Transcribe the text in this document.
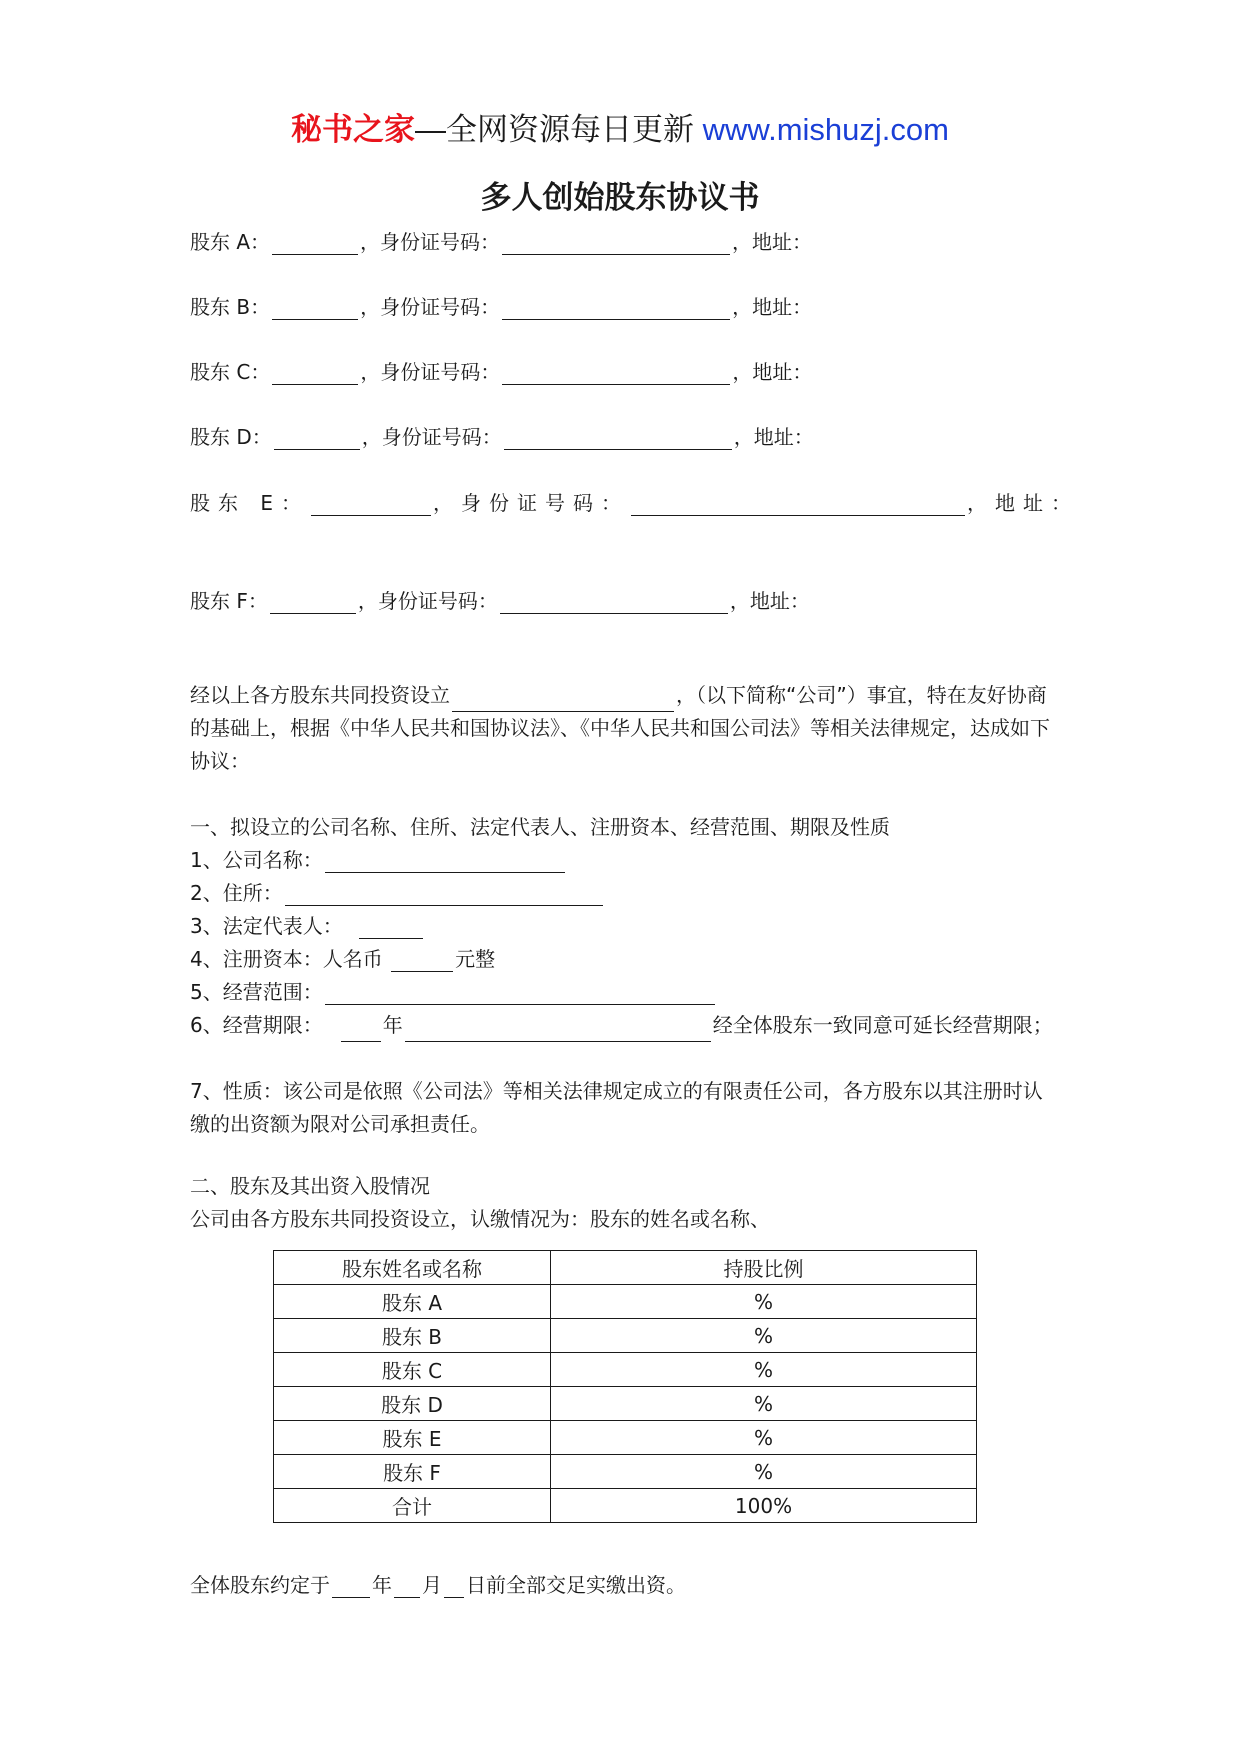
秘书之家—全网资源每日更新 www.mishuzj.com
多人创始股东协议书
股东 A：	，身份证号码：	，地址：
股东 B：	，身份证号码：	，地址：
股东 C：	，身份证号码：	，地址：
股东 D：	，身份证号码：	，地址：
股东 E：	，身份证号码：	，地址：
股东 F：	，身份证号码：	，地址：
经以上各方股东共同投资设立	，（以下简称“公司”）事宜，特在友好协商的基础上，根据《中华人民共和国协议法》、《中华人民共和国公司法》等相关法律规定，达成如下协议：
一、拟设立的公司名称、住所、法定代表人、注册资本、经营范围、期限及性质
1、公司名称：
2、住所：
3、法定代表人：
4、注册资本：人名币	元整
5、经营范围：
6、经营期限：	年	经全体股东一致同意可延长经营期限；
7、性质：该公司是依照《公司法》等相关法律规定成立的有限责任公司，各方股东以其注册时认缴的出资额为限对公司承担责任。
二、股东及其出资入股情况
公司由各方股东共同投资设立，认缴情况为：股东的姓名或名称、
股东姓名或名称	持股比例
股东 A	%
股东 B	%
股东 C	%
股东 D	%
股东 E	%
股东 F	%
合计	100%
全体股东约定于 年 月 日前全部交足实缴出资。
